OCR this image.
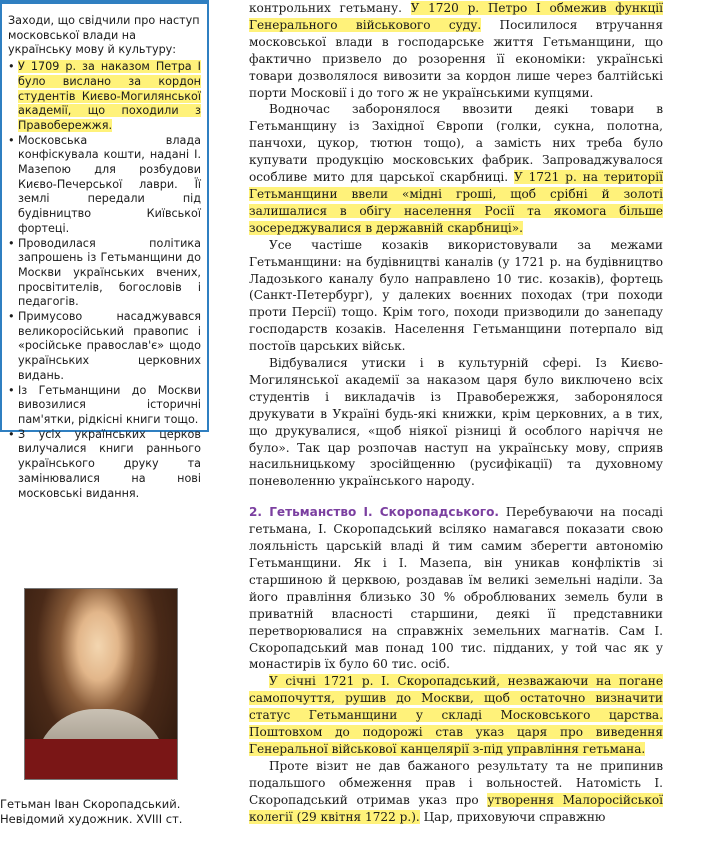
Заходи, що свідчили про наступ московської влади на українську мову й культуру:

• У 1709 р. за наказом Петра І було вислано за кордон студентів Києво-Могилянської академії, що походили з Правобережжя.
• Московська влада конфіскувала кошти, надані І. Мазепою для розбудови Києво-Печерської лаври. Її землі передали під будівництво Київської фортеці.
• Проводилася політика запрошень із Гетьманщини до Москви українських вчених, просвітителів, богословів і педагогів.
• Примусово насаджувався великоросійський правопис і «російське православ'є» щодо українських церковних видань.
• Із Гетьманщини до Москви вивозилися історичні пам'ятки, рідкісні книги тощо.
• З усіх українських церков вилучалися книги раннього українського друку та замінювалися на нові московські видання.
Гетьман Іван Скоропадський.
Невідомий художник. XVIII ст.

контрольних гетьману. У 1720 р. Петро І обмежив функції Генерального військового суду. Посилилося втручання московської влади в господарське життя Гетьманщини, що фактично призвело до розорення її економіки: українські товари дозволялося вивозити за кордон лише через балтійські порти Московії і до того ж не українськими купцями.

Водночас заборонялося ввозити деякі товари в Гетьманщину із Західної Європи (голки, сукна, полотна, панчохи, цукор, тютюн тощо), а замість них треба було купувати продукцію московських фабрик. Запроваджувалося особливе мито для царської скарбниці. У 1721 р. на території Гетьманщини ввели «мідні гроші, щоб срібні й золоті залишалися в обігу населення Росії та якомога більше зосереджувалися в державній скарбниці».

Усе частіше козаків використовували за межами Гетьманщини: на будівництві каналів (у 1721 р. на будівництво Ладозького каналу було направлено 10 тис. козаків), фортець (Санкт-Петербург), у далеких воєнних походах (три походи проти Персії) тощо. Крім того, походи призводили до занепаду господарств козаків. Населення Гетьманщини потерпало від постоїв царських військ.

Відбувалися утиски і в культурній сфері. Із Києво-Могилянської академії за наказом царя було виключено всіх студентів і викладачів із Правобережжя, заборонялося друкувати в Україні будь-які книжки, крім церковних, а в тих, що друкувалися, «щоб ніякої різниці й особлого наріччя не було». Так цар розпочав наступ на українську мову, сприяв насильницькому зросійщенню (русифікації) та духовному поневоленню українського народу.

2. Гетьманство І. Скоропадського. Перебуваючи на посаді гетьмана, І. Скоропадський всіляко намагався показати свою лояльність царській владі й тим самим зберегти автономію Гетьманщини. Як і І. Мазепа, він уникав конфліктів зі старшиною й церквою, роздавав їм великі земельні наділи. За його правління близько 30 % оброблюваних земель були в приватній власності старшини, деякі її представники перетворювалися на справжніх земельних магнатів. Сам І. Скоропадський мав понад 100 тис. підданих, у той час як у монастирів їх було 60 тис. осіб.

У січні 1721 р. І. Скоропадський, незважаючи на погане самопочуття, рушив до Москви, щоб остаточно визначити статус Гетьманщини у складі Московського царства. Поштовхом до подорожі став указ царя про виведення Генеральної військової канцелярії з-під управління гетьмана.

Проте візит не дав бажаного результату та не припинив подальшого обмеження прав і вольностей. Натомість І. Скоропадський отримав указ про утворення Малоросійської колегії (29 квітня 1722 р.). Цар, приховуючи справжню
